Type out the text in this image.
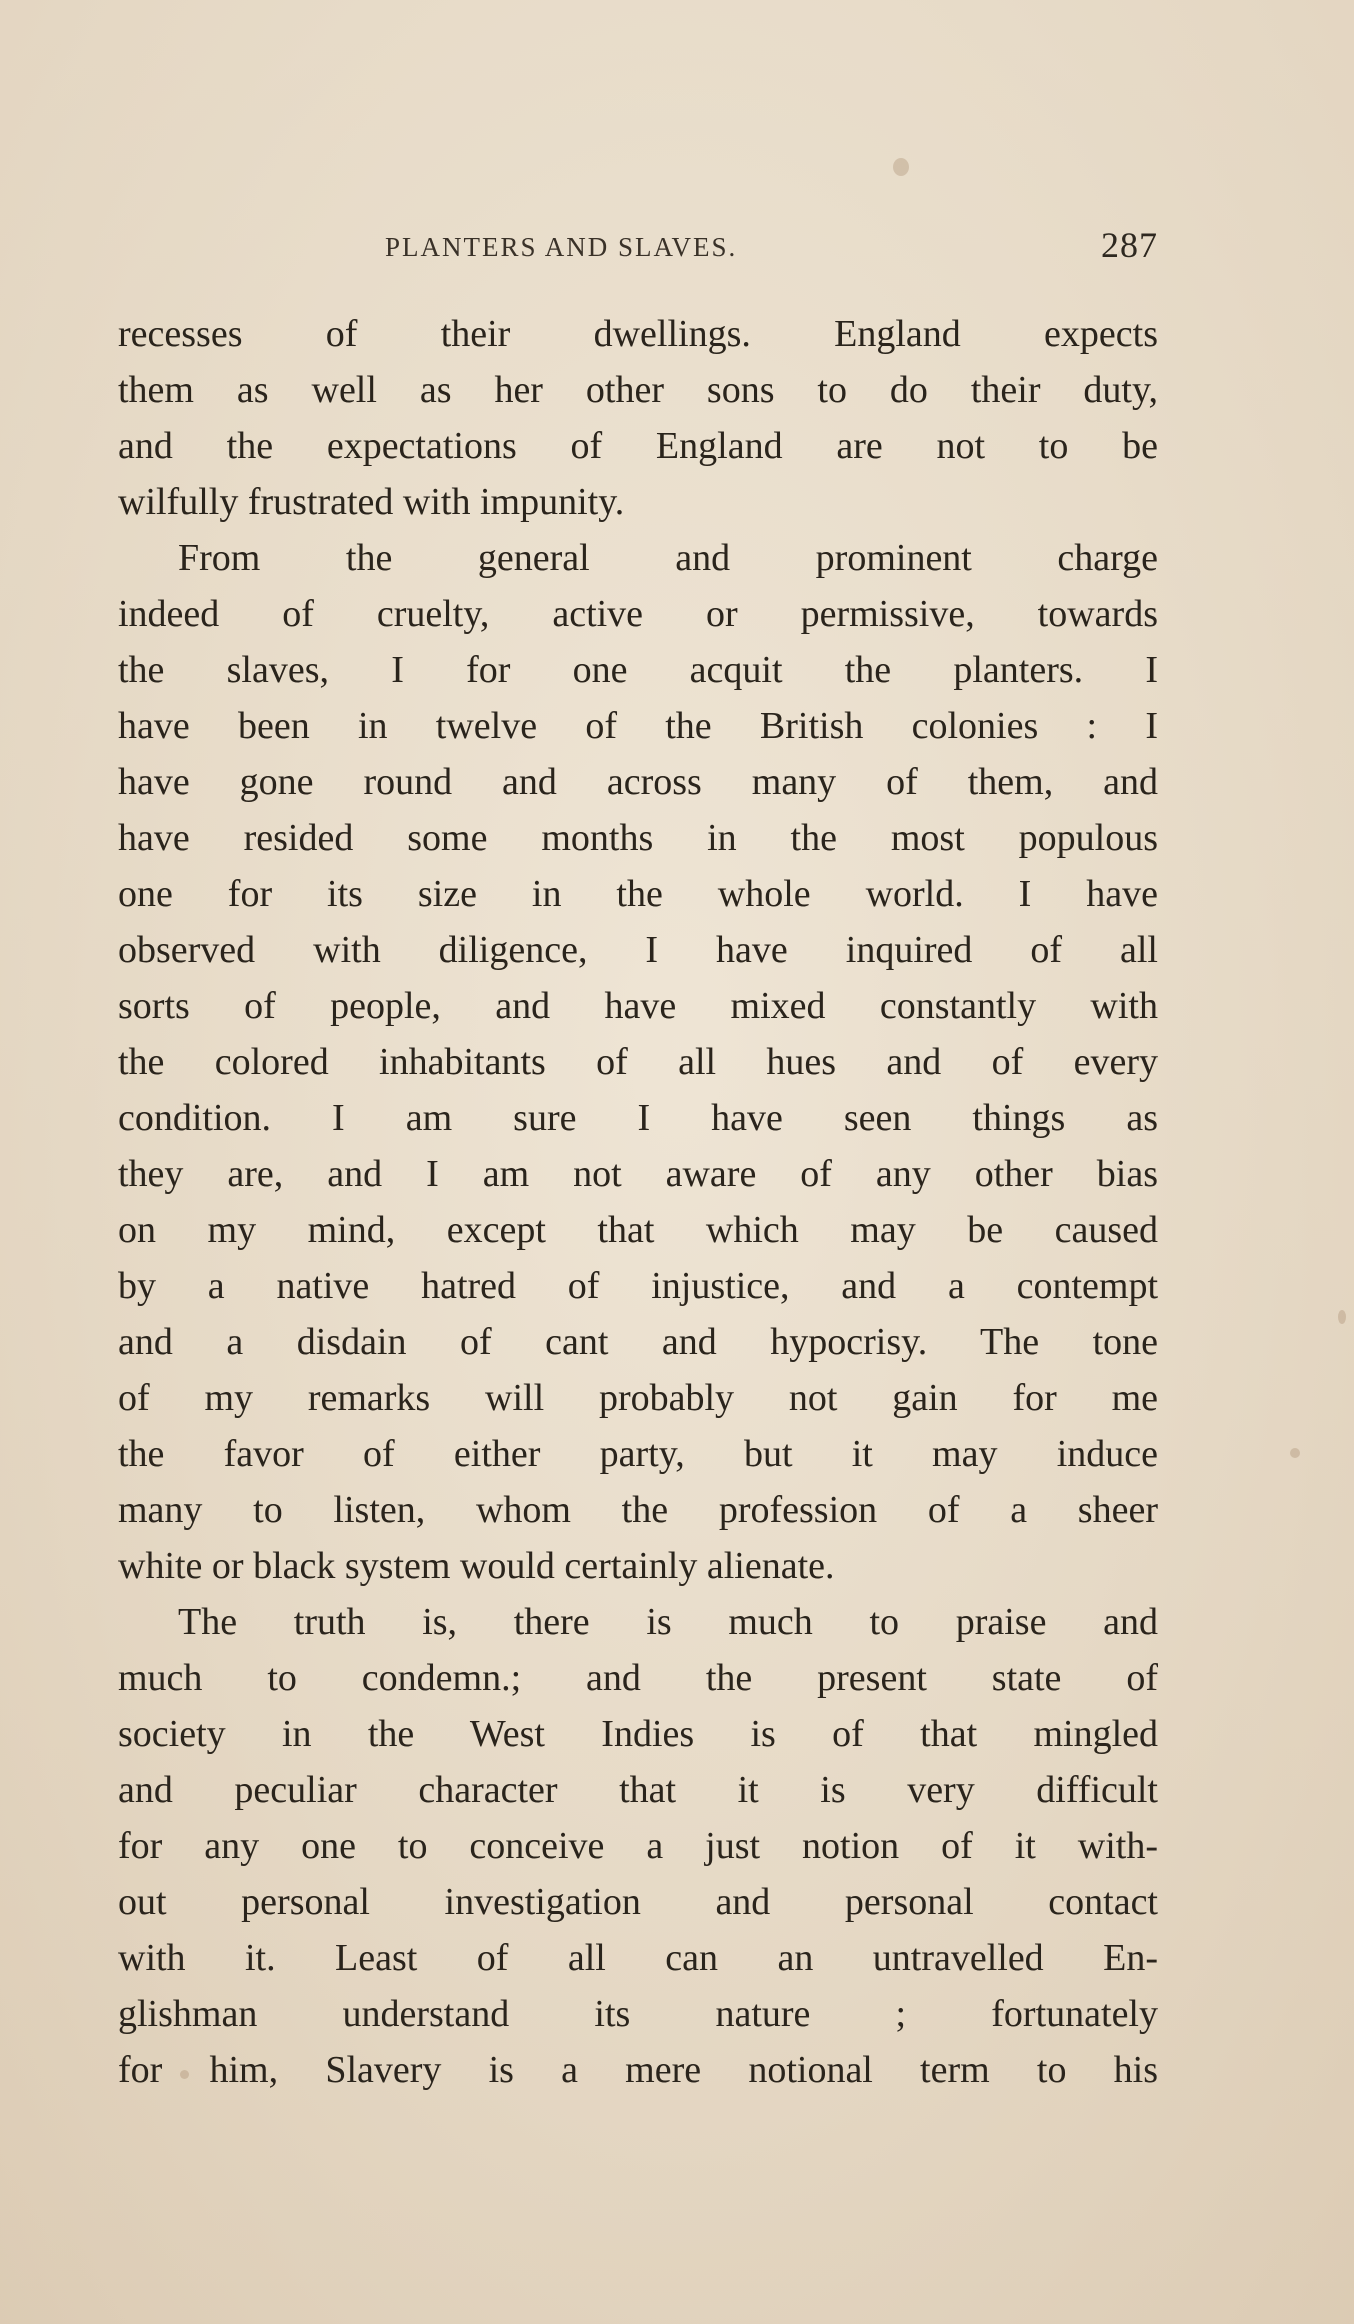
PLANTERS AND SLAVES.	287
recesses of their dwellings. England expects
them as well as her other sons to do their duty,
and the expectations of England are not to be
wilfully frustrated with impunity.
From the general and prominent charge
indeed of cruelty, active or permissive, towards
the slaves, I for one acquit the planters. I
have been in twelve of the British colonies : I
have gone round and across many of them, and
have resided some months in the most populous
one for its size in the whole world. I have
observed with diligence, I have inquired of all
sorts of people, and have mixed constantly with
the colored inhabitants of all hues and of every
condition. I am sure I have seen things as
they are, and I am not aware of any other bias
on my mind, except that which may be caused
by a native hatred of injustice, and a contempt
and a disdain of cant and hypocrisy. The tone
of my remarks will probably not gain for me
the favor of either party, but it may induce
many to listen, whom the profession of a sheer
white or black system would certainly alienate.
The truth is, there is much to praise and
much to condemn.; and the present state of
society in the West Indies is of that mingled
and peculiar character that it is very difficult
for any one to conceive a just notion of it with-
out personal investigation and personal contact
with it. Least of all can an untravelled En-
glishman understand its nature ; fortunately
for him, Slavery is a mere notional term to his
